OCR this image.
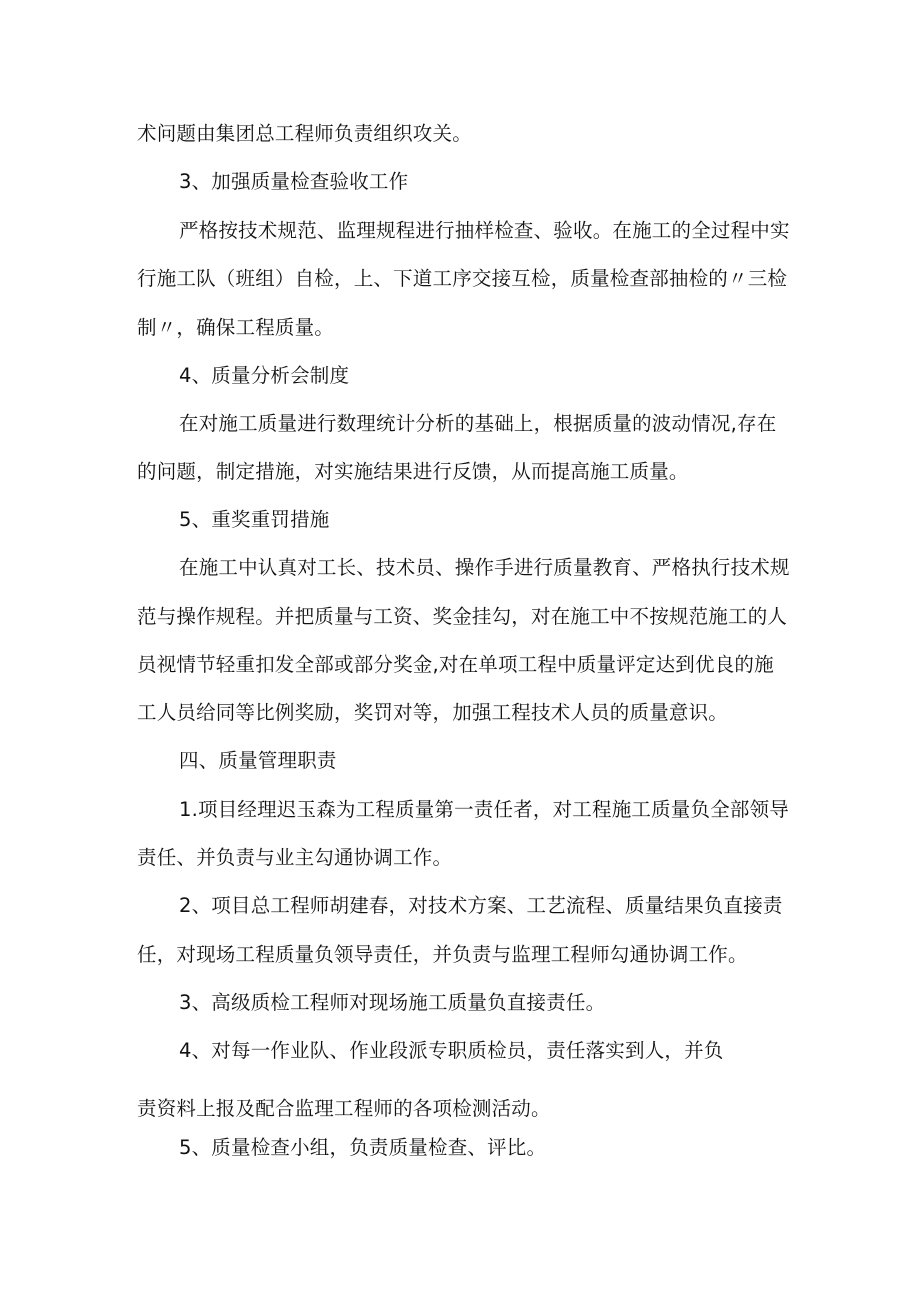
术问题由集团总工程师负责组织攻关。
3、加强质量检查验收工作
严格按技术规范、监理规程进行抽样检查、验收。在施工的全过程中实
行施工队（班组）自检，上、下道工序交接互检，质量检查部抽检的〃三检
制〃，确保工程质量。
4、质量分析会制度
在对施工质量进行数理统计分析的基础上，根据质量的波动情况,存在
的问题，制定措施，对实施结果进行反馈，从而提高施工质量。
5、重奖重罚措施
在施工中认真对工长、技术员、操作手进行质量教育、严格执行技术规
范与操作规程。并把质量与工资、奖金挂勾，对在施工中不按规范施工的人
员视情节轻重扣发全部或部分奖金,对在单项工程中质量评定达到优良的施
工人员给同等比例奖励，奖罚对等，加强工程技术人员的质量意识。
四、质量管理职责
1.项目经理迟玉森为工程质量第一责任者，对工程施工质量负全部领导
责任、并负责与业主勾通协调工作。
2、项目总工程师胡建春，对技术方案、工艺流程、质量结果负直接责
任，对现场工程质量负领导责任，并负责与监理工程师勾通协调工作。
3、高级质检工程师对现场施工质量负直接责任。
4、对每一作业队、作业段派专职质检员，责任落实到人，并负
责资料上报及配合监理工程师的各项检测活动。
5、质量检查小组，负责质量检查、评比。
